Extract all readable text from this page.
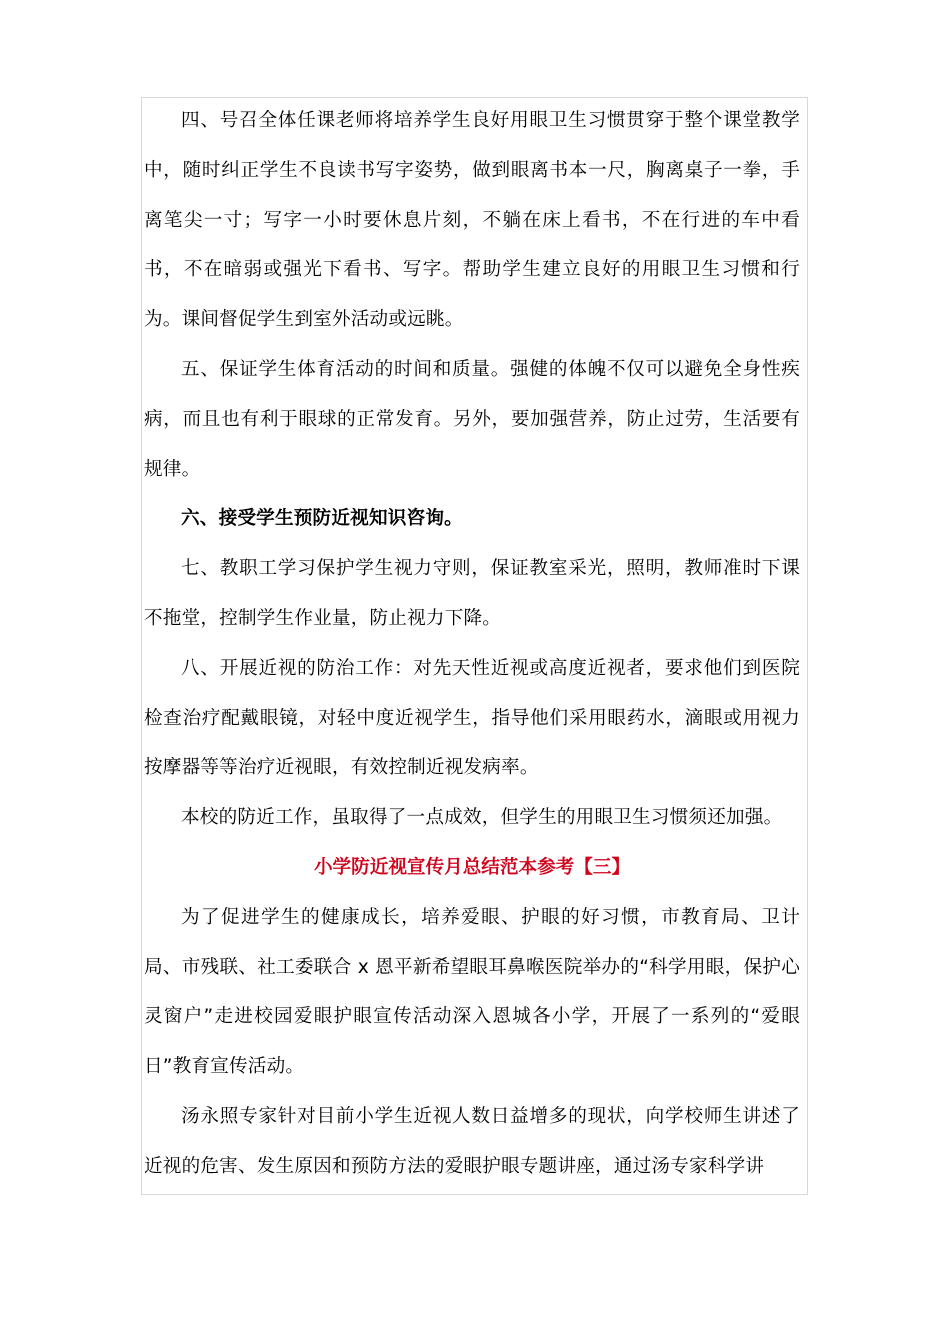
四、号召全体任课老师将培养学生良好用眼卫生习惯贯穿于整个课堂教学中，随时纠正学生不良读书写字姿势，做到眼离书本一尺，胸离桌子一拳，手离笔尖一寸；写字一小时要休息片刻，不躺在床上看书，不在行进的车中看书，不在暗弱或强光下看书、写字。帮助学生建立良好的用眼卫生习惯和行为。课间督促学生到室外活动或远眺。

五、保证学生体育活动的时间和质量。强健的体魄不仅可以避免全身性疾病，而且也有利于眼球的正常发育。另外，要加强营养，防止过劳，生活要有规律。

六、接受学生预防近视知识咨询。

七、教职工学习保护学生视力守则，保证教室采光，照明，教师准时下课不拖堂，控制学生作业量，防止视力下降。

八、开展近视的防治工作：对先天性近视或高度近视者，要求他们到医院检查治疗配戴眼镜，对轻中度近视学生，指导他们采用眼药水，滴眼或用视力按摩器等等治疗近视眼，有效控制近视发病率。

本校的防近工作，虽取得了一点成效，但学生的用眼卫生习惯须还加强。

小学防近视宣传月总结范本参考【三】

为了促进学生的健康成长，培养爱眼、护眼的好习惯，市教育局、卫计局、市残联、社工委联合 x 恩平新希望眼耳鼻喉医院举办的“科学用眼，保护心灵窗户”走进校园爱眼护眼宣传活动深入恩城各小学，开展了一系列的“爱眼日”教育宣传活动。

汤永照专家针对目前小学生近视人数日益增多的现状，向学校师生讲述了近视的危害、发生原因和预防方法的爱眼护眼专题讲座，通过汤专家科学讲
